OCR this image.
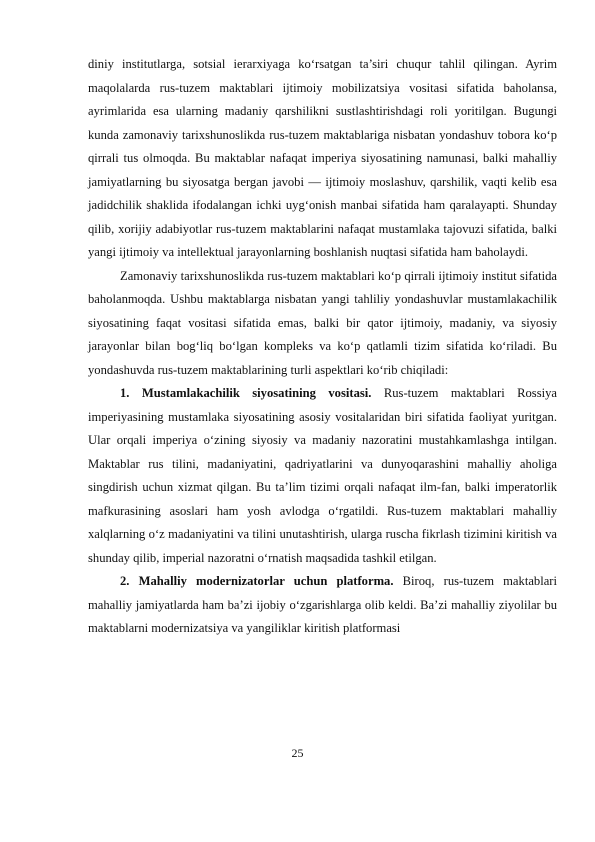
diniy institutlarga, sotsial ierarxiyaga ko‘rsatgan ta’siri chuqur tahlil qilingan. Ayrim maqolalarda rus-tuzem maktablari ijtimoiy mobilizatsiya vositasi sifatida baholansa, ayrimlarida esa ularning madaniy qarshilikni sustlashtirishdagi roli yoritilgan. Bugungi kunda zamonaviy tarixshunoslikda rus-tuzem maktablariga nisbatan yondashuv tobora ko‘p qirrali tus olmoqda. Bu maktablar nafaqat imperiya siyosatining namunasi, balki mahalliy jamiyatlarning bu siyosatga bergan javobi — ijtimoiy moslashuv, qarshilik, vaqti kelib esa jadidchilik shaklida ifodalangan ichki uyg‘onish manbai sifatida ham qaralayapti. Shunday qilib, xorijiy adabiyotlar rus-tuzem maktablarini nafaqat mustamlaka tajovuzi sifatida, balki yangi ijtimoiy va intellektual jarayonlarning boshlanish nuqtasi sifatida ham baholaydi.

Zamonaviy tarixshunoslikda rus-tuzem maktablari ko‘p qirrali ijtimoiy institut sifatida baholanmoqda. Ushbu maktablarga nisbatan yangi tahliliy yondashuvlar mustamlakachilik siyosatining faqat vositasi sifatida emas, balki bir qator ijtimoiy, madaniy, va siyosiy jarayonlar bilan bog‘liq bo‘lgan kompleks va ko‘p qatlamli tizim sifatida ko‘riladi. Bu yondashuvda rus-tuzem maktablarining turli aspektlari ko‘rib chiqiladi:

1. Mustamlakachilik siyosatining vositasi. Rus-tuzem maktablari Rossiya imperiyasining mustamlaka siyosatining asosiy vositalaridan biri sifatida faoliyat yuritgan. Ular orqali imperiya o‘zining siyosiy va madaniy nazoratini mustahkamlashga intilgan. Maktablar rus tilini, madaniyatini, qadriyatlarini va dunyoqarashini mahalliy aholiga singdirish uchun xizmat qilgan. Bu ta’lim tizimi orqali nafaqat ilm-fan, balki imperatorlik mafkurasining asoslari ham yosh avlodga o‘rgatildi. Rus-tuzem maktablari mahalliy xalqlarning o‘z madaniyatini va tilini unutashtirish, ularga ruscha fikrlash tizimini kiritish va shunday qilib, imperial nazoratni o‘rnatish maqsadida tashkil etilgan.

2. Mahalliy modernizatorlar uchun platforma. Biroq, rus-tuzem maktablari mahalliy jamiyatlarda ham ba’zi ijobiy o‘zgarishlarga olib keldi. Ba’zi mahalliy ziyolilar bu maktablarni modernizatsiya va yangiliklar kiritish platformasi

25
